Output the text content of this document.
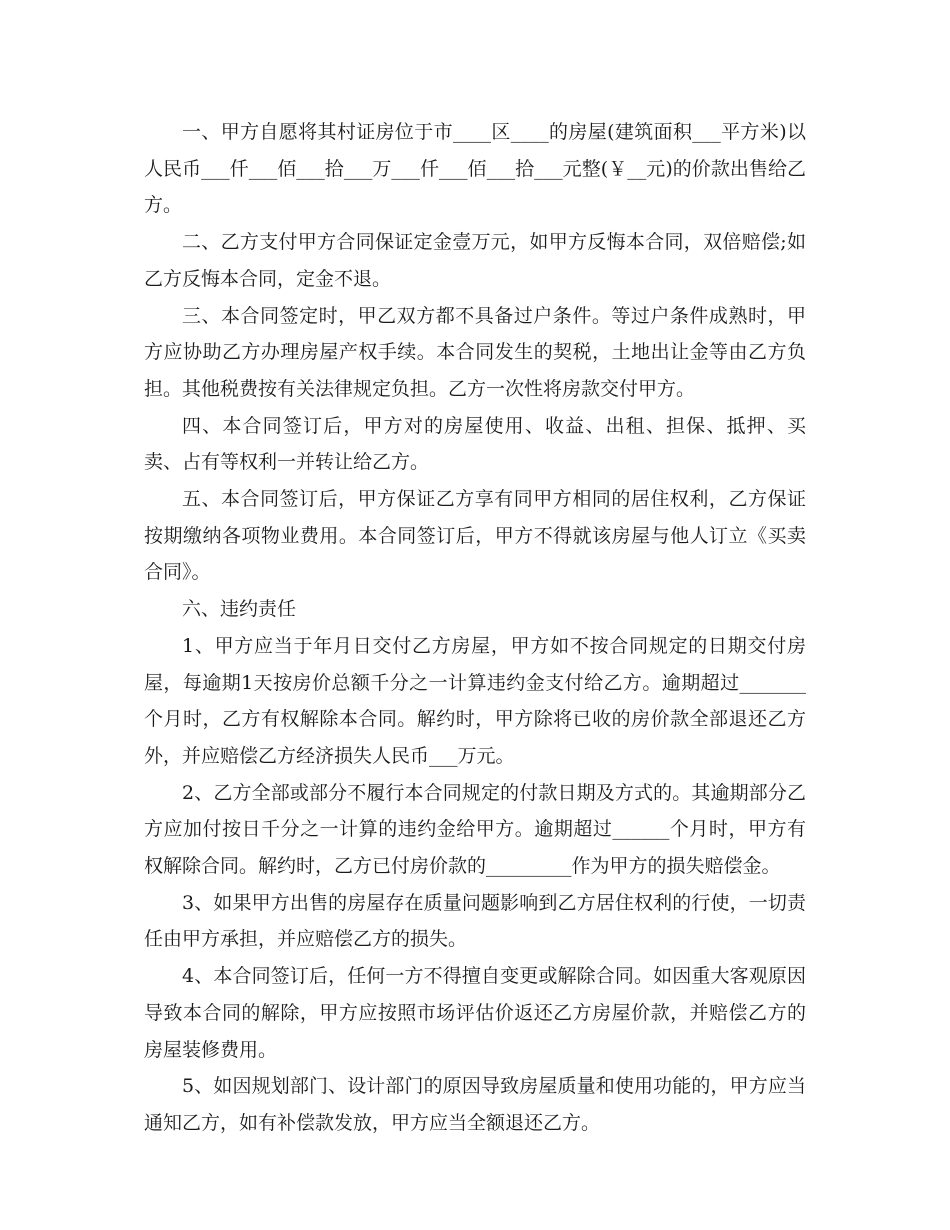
一、甲方自愿将其村证房位于市____区____的房屋(建筑面积___平方米)以人民币___仟___佰___拾___万___仟___佰___拾___元整(￥__元)的价款出售给乙方。

二、乙方支付甲方合同保证定金壹万元，如甲方反悔本合同，双倍赔偿;如乙方反悔本合同，定金不退。

三、本合同签定时，甲乙双方都不具备过户条件。等过户条件成熟时，甲方应协助乙方办理房屋产权手续。本合同发生的契税，土地出让金等由乙方负担。其他税费按有关法律规定负担。乙方一次性将房款交付甲方。

四、本合同签订后，甲方对的房屋使用、收益、出租、担保、抵押、买卖、占有等权利一并转让给乙方。

五、本合同签订后，甲方保证乙方享有同甲方相同的居住权利，乙方保证按期缴纳各项物业费用。本合同签订后，甲方不得就该房屋与他人订立《买卖合同》。

六、违约责任

1、甲方应当于年月日交付乙方房屋，甲方如不按合同规定的日期交付房屋，每逾期1天按房价总额千分之一计算违约金支付给乙方。逾期超过_______个月时，乙方有权解除本合同。解约时，甲方除将已收的房价款全部退还乙方外，并应赔偿乙方经济损失人民币___万元。

2、乙方全部或部分不履行本合同规定的付款日期及方式的。其逾期部分乙方应加付按日千分之一计算的违约金给甲方。逾期超过______个月时，甲方有权解除合同。解约时，乙方已付房价款的_________作为甲方的损失赔偿金。

3、如果甲方出售的房屋存在质量问题影响到乙方居住权利的行使，一切责任由甲方承担，并应赔偿乙方的损失。

4、本合同签订后，任何一方不得擅自变更或解除合同。如因重大客观原因导致本合同的解除，甲方应按照市场评估价返还乙方房屋价款，并赔偿乙方的房屋装修费用。

5、如因规划部门、设计部门的原因导致房屋质量和使用功能的，甲方应当通知乙方，如有补偿款发放，甲方应当全额退还乙方。
